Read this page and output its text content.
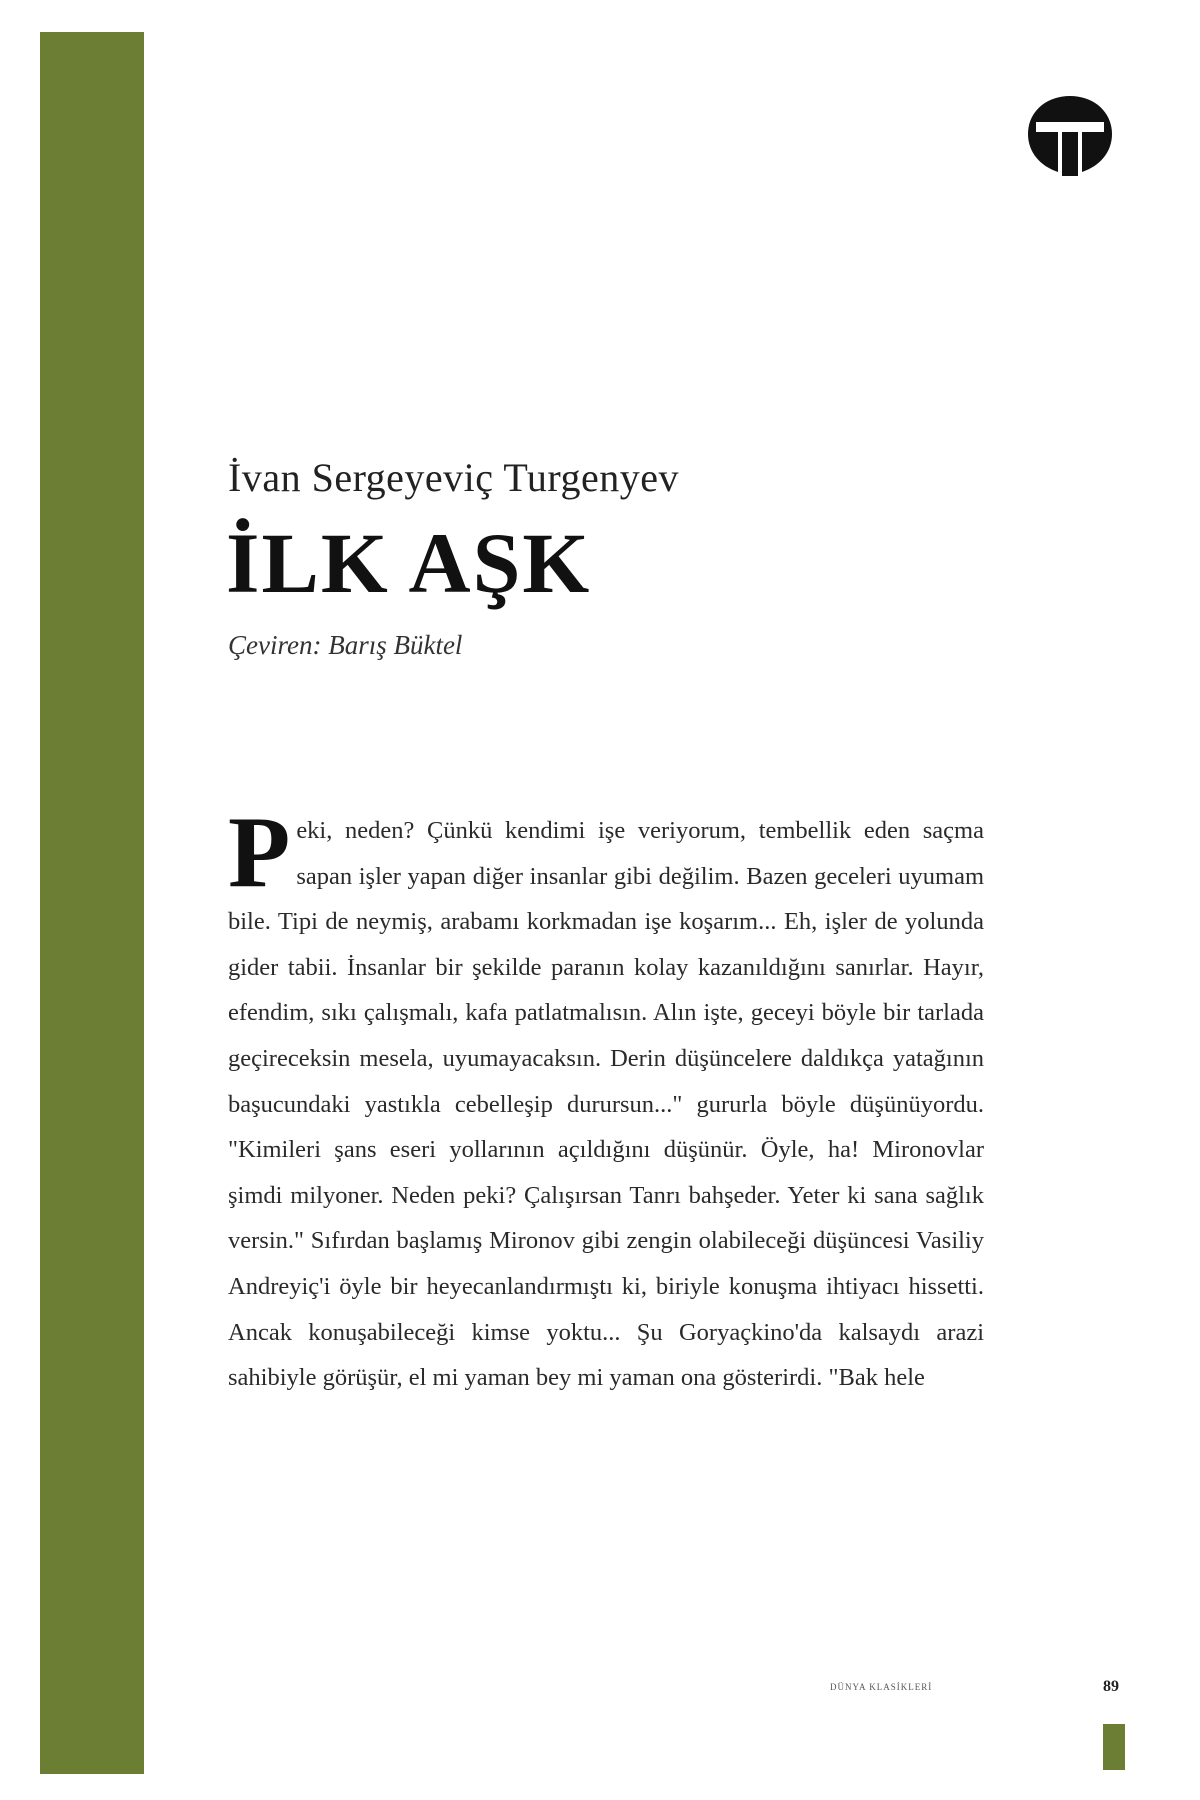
İvan Sergeyeviç Turgenyev
İLK AŞK
Çeviren: Barış Büktel
P eki, neden? Çünkü kendimi işe veriyorum, tembellik eden saçma sapan işler yapan diğer insanlar gibi değilim. Bazen geceleri uyumam bile. Tipi de neymiş, arabamı korkmadan işe koşarım... Eh, işler de yolunda gider tabii. İnsanlar bir şekilde paranın kolay kazanıldığını sanırlar. Hayır, efendim, sıkı çalışmalı, kafa patlatmalısın. Alın işte, geceyi böyle bir tarlada geçireceksin mesela, uyumayacaksın. Derin düşüncelere daldıkça yatağının başucundaki yastıkla cebelleşip durursun..." gururla böyle düşünüyordu. "Kimileri şans eseri yollarının açıldığını düşünür. Öyle, ha! Mironovlar şimdi milyoner. Neden peki? Çalışırsan Tanrı bahşeder. Yeter ki sana sağlık versin." Sıfırdan başlamış Mironov gibi zengin olabileceği düşüncesi Vasiliy Andreyiç'i öyle bir heyecanlandırmıştı ki, biriyle konuşma ihtiyacı hissetti. Ancak konuşabileceği kimse yoktu... Şu Goryaçkino'da kalsaydı arazi sahibiyle görüşür, el mi yaman bey mi yaman ona gösterirdi. "Bak hele
DÜNYA KLASİKLERİ	89
